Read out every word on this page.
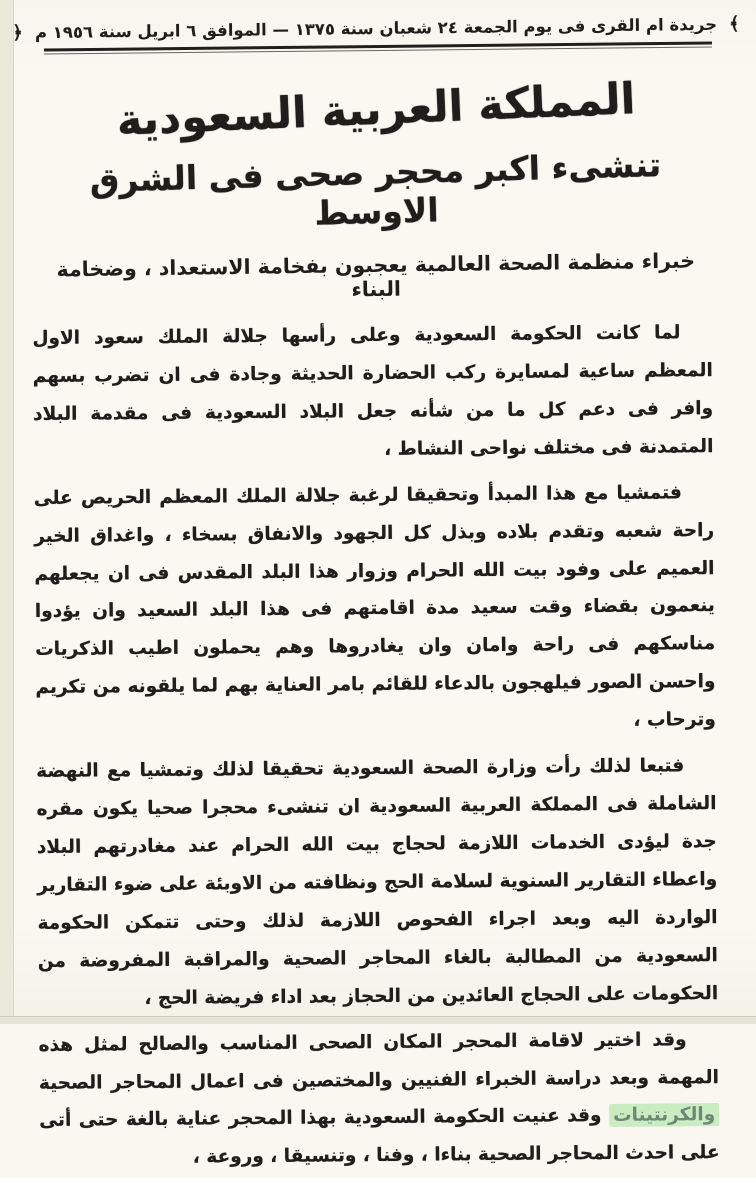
﴾
جريدة ام القرى فى يوم الجمعة ٢٤ شعبان سنة ١٣٧٥ — الموافق ٦ ابريل سنة ١٩٥٦ م
﴿
المملكة العربية السعودية
تنشىء اكبر محجر صحى فى الشرق الاوسط
خبراء منظمة الصحة العالمية يعجبون بفخامة الاستعداد ، وضخامة البناء

لما كانت الحكومة السعودية وعلى رأسها جلالة الملك سعود الاول المعظم ساعية لمسايرة ركب الحضارة الحديثة وجادة فى ان تضرب بسهم وافر فى دعم كل ما من شأنه جعل البلاد السعودية فى مقدمة البلاد المتمدنة فى مختلف نواحى النشاط ،

فتمشيا مع هذا المبدأ وتحقيقا لرغبة جلالة الملك المعظم الحريص على راحة شعبه وتقدم بلاده وبذل كل الجهود والانفاق بسخاء ، واغداق الخير العميم على وفود بيت الله الحرام وزوار هذا البلد المقدس فى ان يجعلهم ينعمون بقضاء وقت سعيد مدة اقامتهم فى هذا البلد السعيد وان يؤدوا مناسكهم فى راحة وامان وان يغادروها وهم يحملون اطيب الذكريات واحسن الصور فيلهجون بالدعاء للقائم بامر العناية بهم لما يلقونه من تكريم وترحاب ،

فتبعا لذلك رأت وزارة الصحة السعودية تحقيقا لذلك وتمشيا مع النهضة الشاملة فى المملكة العربية السعودية ان تنشىء محجرا صحيا يكون مقره جدة ليؤدى الخدمات اللازمة لحجاج بيت الله الحرام عند مغادرتهم البلاد واعطاء التقارير السنوية لسلامة الحج ونظافته من الاوبئة على ضوء التقارير الواردة اليه وبعد اجراء الفحوص اللازمة لذلك وحتى تتمكن الحكومة السعودية من المطالبة بالغاء المحاجر الصحية والمراقبة المفروضة من الحكومات على الحجاج العائدين من الحجاز بعد اداء فريضة الحج ،

وقد اختير لاقامة المحجر المكان الصحى المناسب والصالح لمثل هذه المهمة وبعد دراسة الخبراء الفنيين والمختصين فى اعمال المحاجر الصحية والكرنتينات وقد عنيت الحكومة السعودية بهذا المحجر عناية بالغة حتى أتى على احدث المحاجر الصحية بناءا ، وفنا ، وتنسيقا ، وروعة ،
